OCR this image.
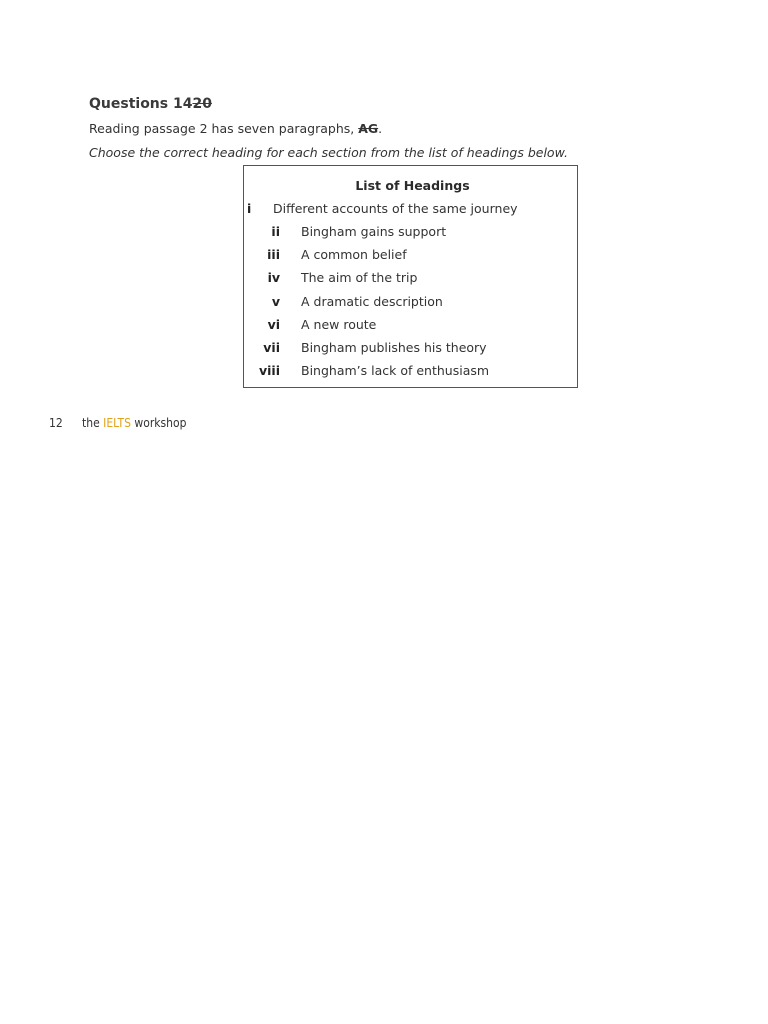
Questions 1420
Reading passage 2 has seven paragraphs, AG.
Choose the correct heading for each section from the list of headings below.
List of Headings
i Different accounts of the same journey
ii Bingham gains support
iii A common belief
iv The aim of the trip
v A dramatic description
vi A new route
vii Bingham publishes his theory
viii Bingham’s lack of enthusiasm
12 the IELTS workshop
